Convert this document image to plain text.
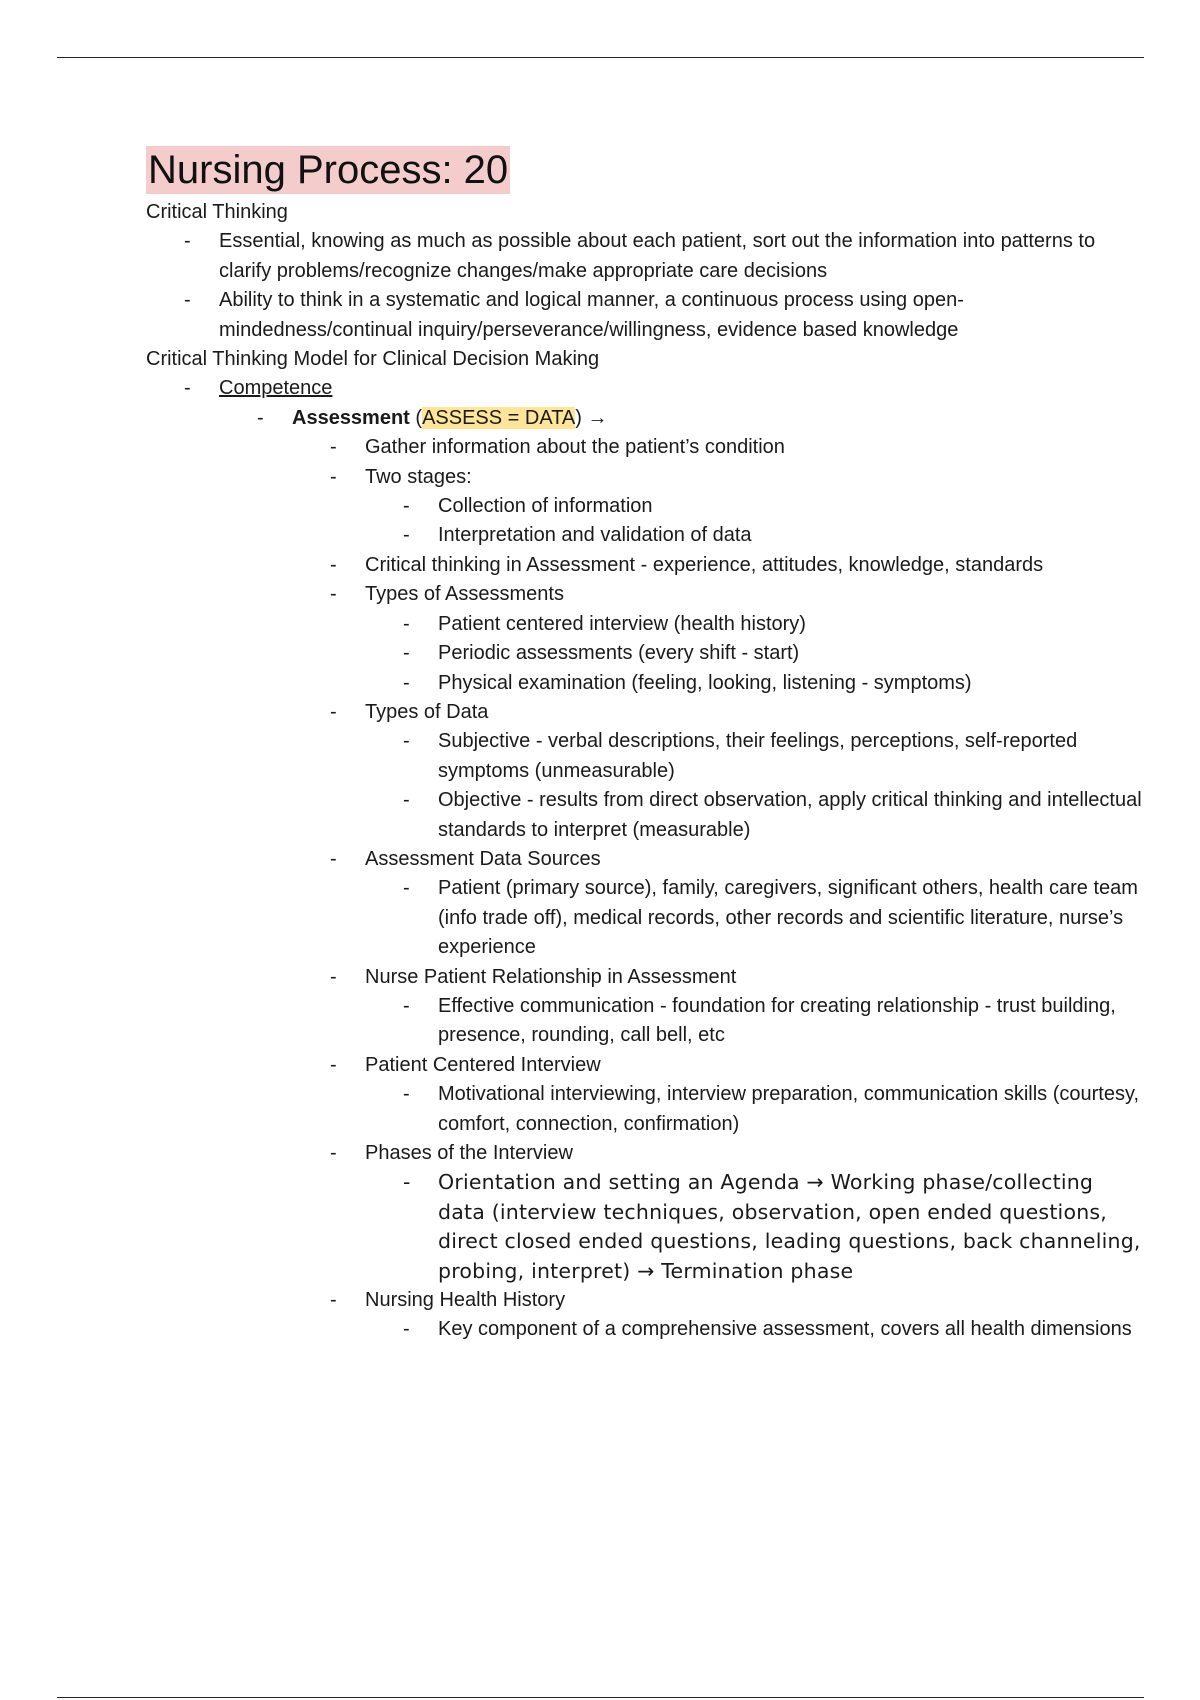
Nursing Process: 20

Critical Thinking

- Essential, knowing as much as possible about each patient, sort out the information into patterns to clarify problems/recognize changes/make appropriate care decisions
- Ability to think in a systematic and logical manner, a continuous process using open-mindedness/continual inquiry/perseverance/willingness, evidence based knowledge

Critical Thinking Model for Clinical Decision Making

- Competence
- Assessment (ASSESS = DATA) →
- Gather information about the patient’s condition
- Two stages:
- Collection of information
- Interpretation and validation of data
- Critical thinking in Assessment - experience, attitudes, knowledge, standards
- Types of Assessments
- Patient centered interview (health history)
- Periodic assessments (every shift - start)
- Physical examination (feeling, looking, listening - symptoms)
- Types of Data
- Subjective - verbal descriptions, their feelings, perceptions, self-reported symptoms (unmeasurable)
- Objective - results from direct observation, apply critical thinking and intellectual standards to interpret (measurable)
- Assessment Data Sources
- Patient (primary source), family, caregivers, significant others, health care team (info trade off), medical records, other records and scientific literature, nurse’s experience
- Nurse Patient Relationship in Assessment
- Effective communication - foundation for creating relationship - trust building, presence, rounding, call bell, etc
- Patient Centered Interview
- Motivational interviewing, interview preparation, communication skills (courtesy, comfort, connection, confirmation)
- Phases of the Interview
- Orientation and setting an Agenda → Working phase/collecting data (interview techniques, observation, open ended questions, direct closed ended questions, leading questions, back channeling, probing, interpret) → Termination phase
- Nursing Health History
- Key component of a comprehensive assessment, covers all health dimensions
